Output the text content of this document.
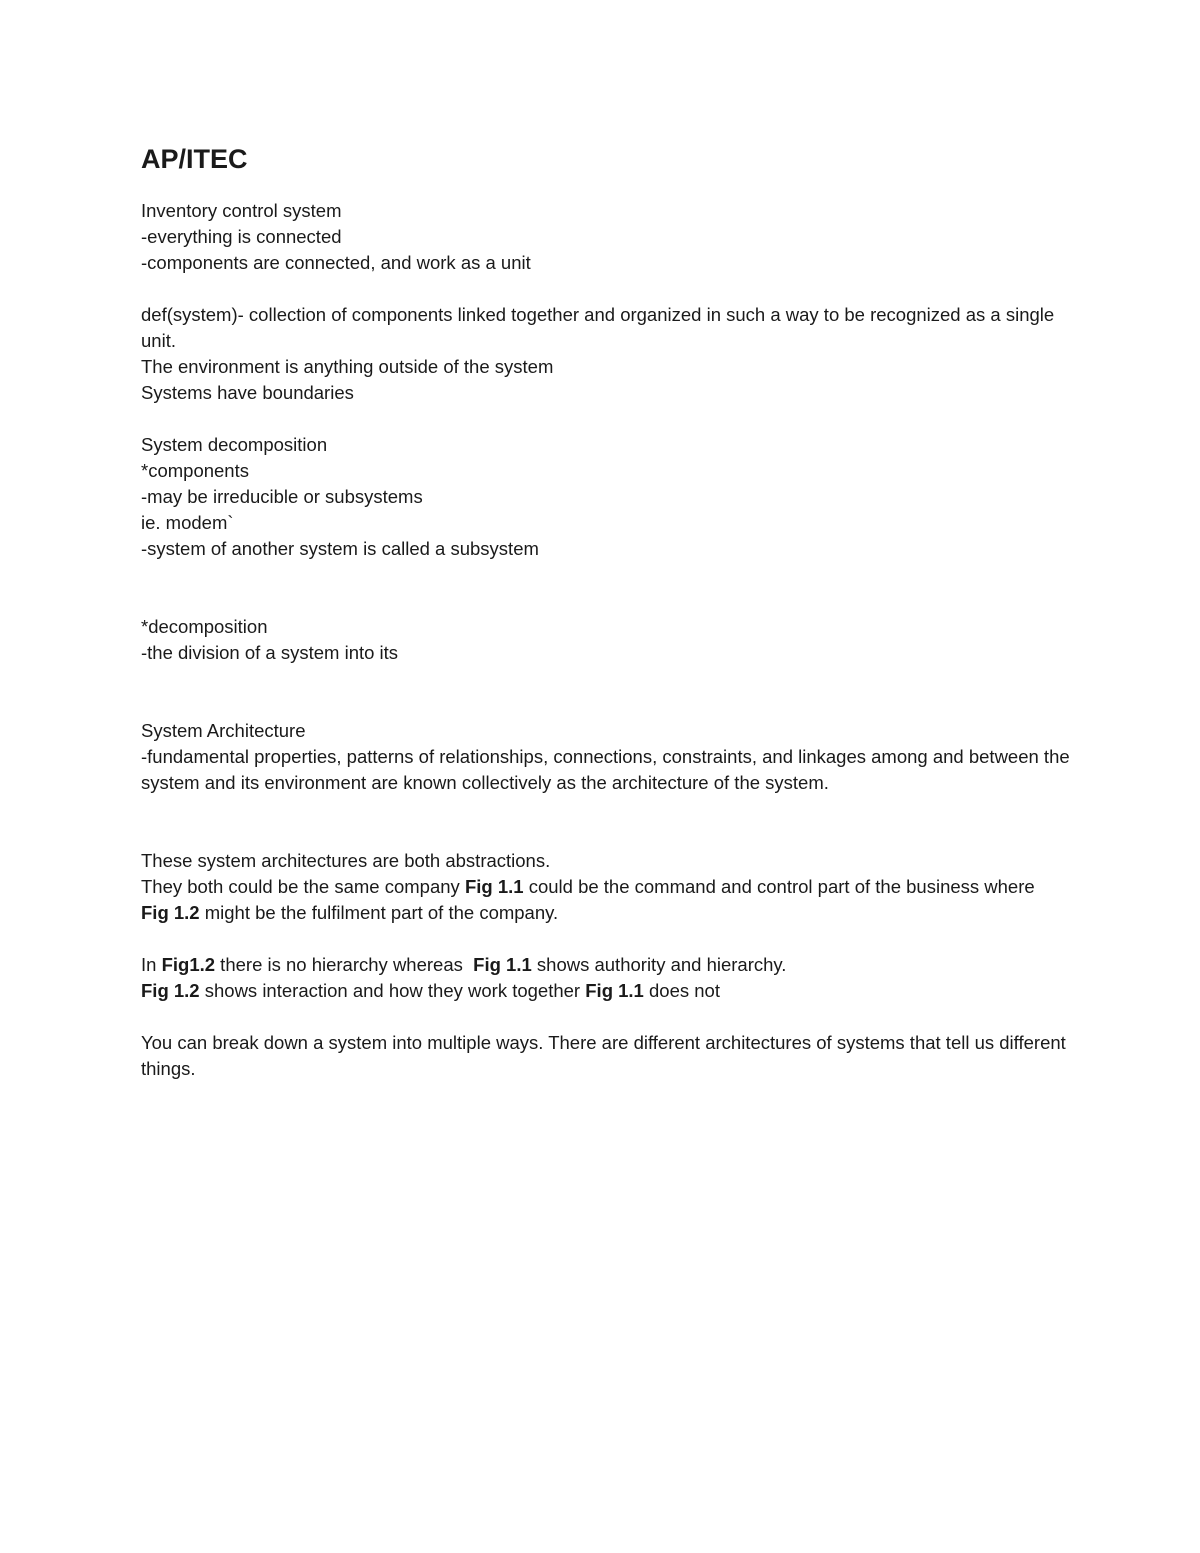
AP/ITEC
Inventory control system
-everything is connected
-components are connected, and work as a unit
def(system)- collection of components linked together and organized in such a way to be recognized as a single unit.
The environment is anything outside of the system
Systems have boundaries
System decomposition
*components
-may be irreducible or subsystems
ie. modem`
-system of another system is called a subsystem
*decomposition
-the division of a system into its
System Architecture
-fundamental properties, patterns of relationships, connections, constraints, and linkages among and between the system and its environment are known collectively as the architecture of the system.
These system architectures are both abstractions.
They both could be the same company Fig 1.1 could be the command and control part of the business where  Fig 1.2 might be the fulfilment part of the company.
In Fig1.2 there is no hierarchy whereas  Fig 1.1 shows authority and hierarchy.
Fig 1.2 shows interaction and how they work together Fig 1.1 does not
You can break down a system into multiple ways. There are different architectures of systems that tell us different things.
